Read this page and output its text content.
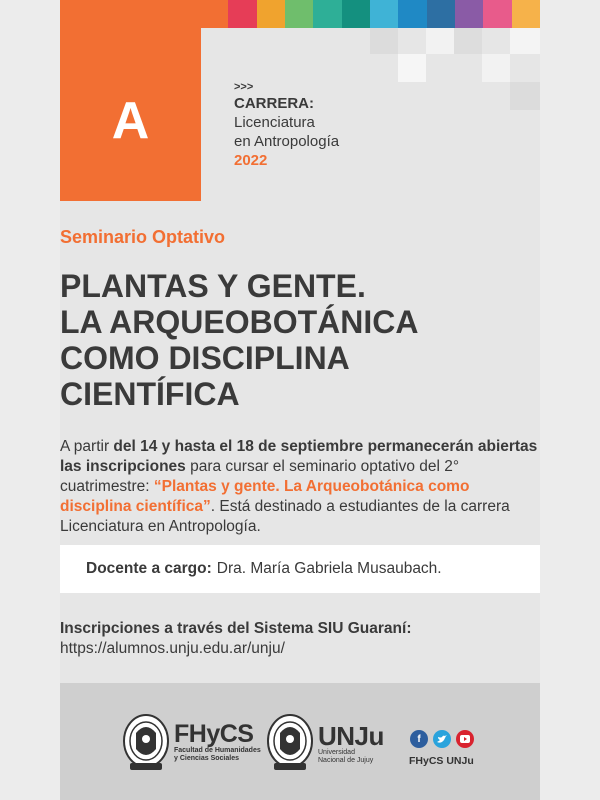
A
>>>
CARRERA:
Licenciatura
en Antropología
2022
Seminario Optativo
PLANTAS Y GENTE.
LA ARQUEOBOTÁNICA
COMO DISCIPLINA
CIENTÍFICA
A partir del 14 y hasta el 18 de septiembre permanecerán abiertas las inscripciones para cursar el seminario optativo del 2° cuatrimestre: “Plantas y gente. La Arqueobotánica como disciplina científica”. Está destinado a estudiantes de la carrera Licenciatura en Antropología.
Docente a cargo: Dra. María Gabriela Musaubach.
Inscripciones a través del Sistema SIU Guaraní:
https://alumnos.unju.edu.ar/unju/
FHyCS
Facultad de Humanidades
y Ciencias Sociales
UNJu
Universidad
Nacional de Jujuy
f
FHyCS UNJu
